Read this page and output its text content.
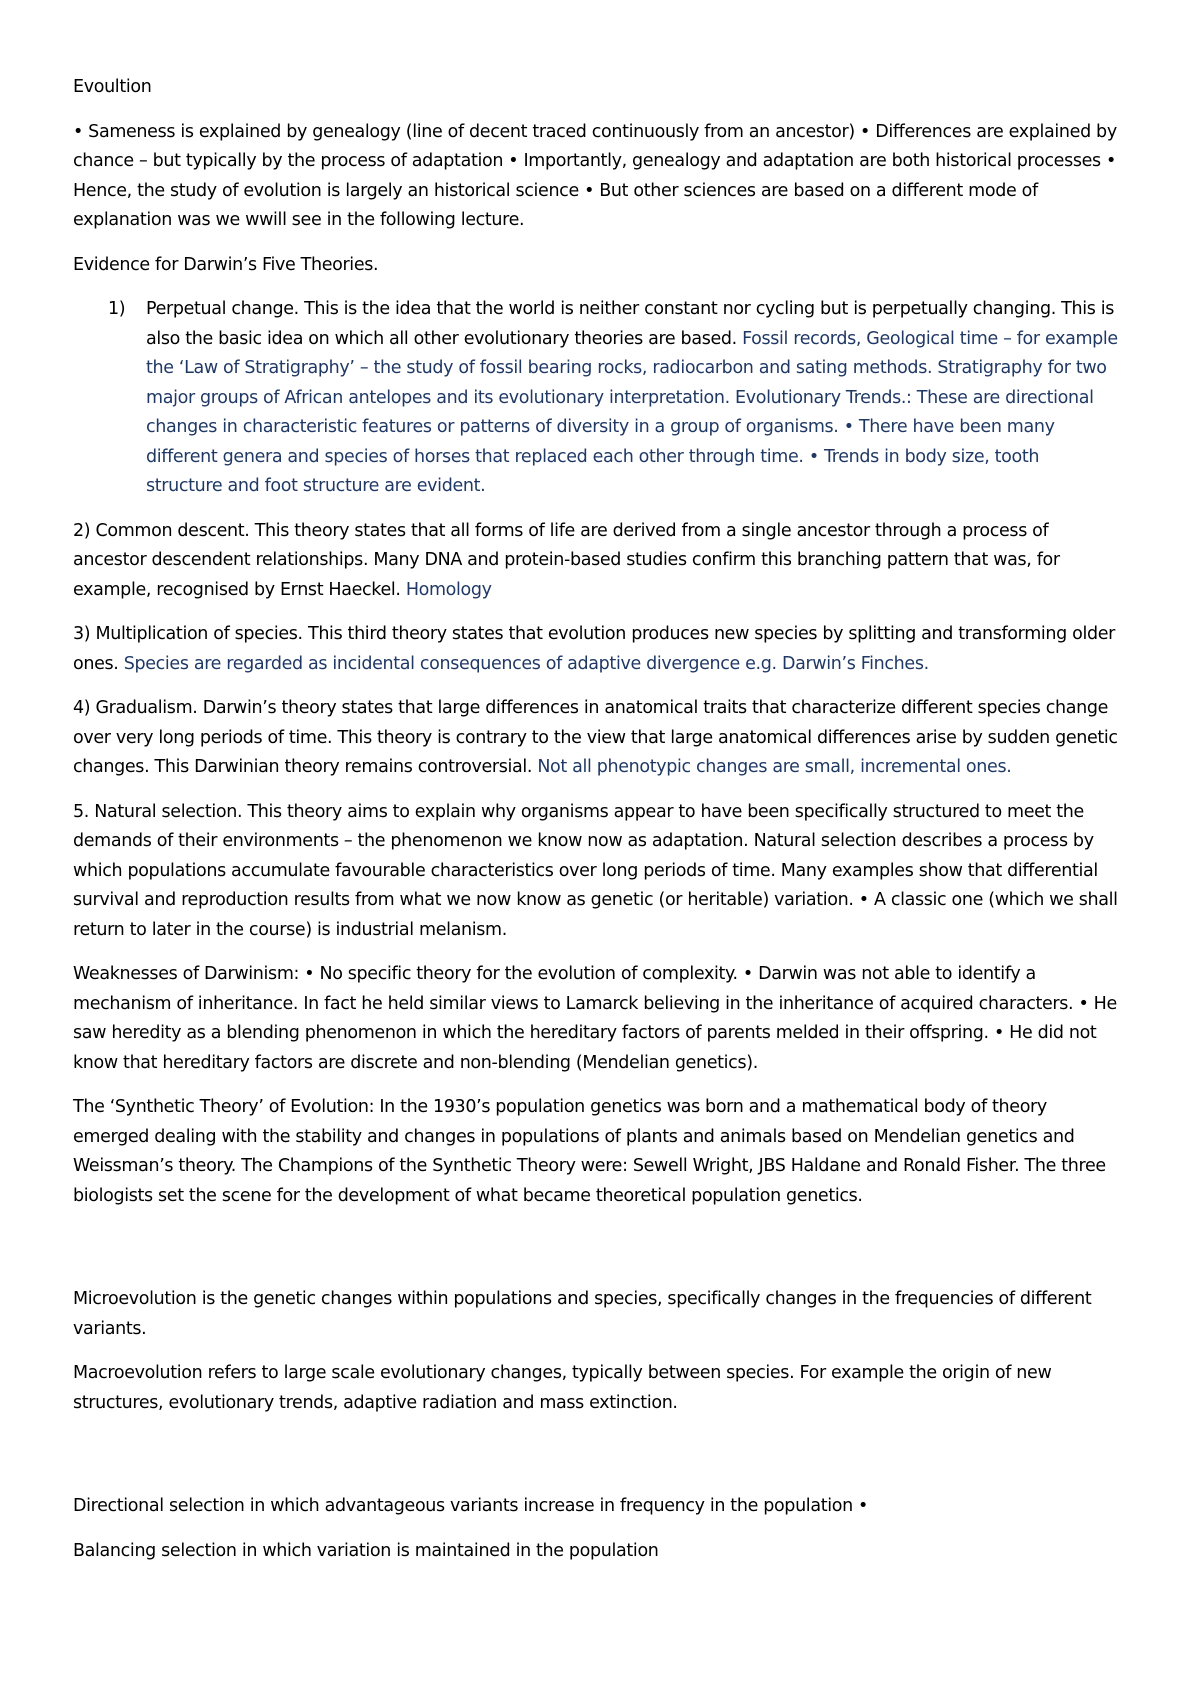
Evoultion

• Sameness is explained by genealogy (line of decent traced continuously from an ancestor) • Differences are explained by chance – but typically by the process of adaptation • Importantly, genealogy and adaptation are both historical processes • Hence, the study of evolution is largely an historical science • But other sciences are based on a different mode of explanation was we wwill see in the following lecture.

Evidence for Darwin’s Five Theories.

1)	Perpetual change. This is the idea that the world is neither constant nor cycling but is perpetually changing. This is also the basic idea on which all other evolutionary theories are based. Fossil records, Geological time – for example the ‘Law of Stratigraphy’ – the study of fossil bearing rocks, radiocarbon and sating methods. Stratigraphy for two major groups of African antelopes and its evolutionary interpretation. Evolutionary Trends.: These are directional changes in characteristic features or patterns of diversity in a group of organisms. • There have been many different genera and species of horses that replaced each other through time. • Trends in body size, tooth structure and foot structure are evident.

2) Common descent. This theory states that all forms of life are derived from a single ancestor through a process of ancestor descendent relationships. Many DNA and protein-based studies confirm this branching pattern that was, for example, recognised by Ernst Haeckel. Homology

3) Multiplication of species. This third theory states that evolution produces new species by splitting and transforming older ones. Species are regarded as incidental consequences of adaptive divergence e.g. Darwin’s Finches.

4) Gradualism. Darwin’s theory states that large differences in anatomical traits that characterize different species change over very long periods of time. This theory is contrary to the view that large anatomical differences arise by sudden genetic changes. This Darwinian theory remains controversial. Not all phenotypic changes are small, incremental ones.

5. Natural selection. This theory aims to explain why organisms appear to have been specifically structured to meet the demands of their environments – the phenomenon we know now as adaptation. Natural selection describes a process by which populations accumulate favourable characteristics over long periods of time. Many examples show that differential survival and reproduction results from what we now know as genetic (or heritable) variation. • A classic one (which we shall return to later in the course) is industrial melanism.

Weaknesses of Darwinism: • No specific theory for the evolution of complexity. • Darwin was not able to identify a mechanism of inheritance. In fact he held similar views to Lamarck believing in the inheritance of acquired characters. • He saw heredity as a blending phenomenon in which the hereditary factors of parents melded in their offspring. • He did not know that hereditary factors are discrete and non-blending (Mendelian genetics).

The ‘Synthetic Theory’ of Evolution: In the 1930’s population genetics was born and a mathematical body of theory emerged dealing with the stability and changes in populations of plants and animals based on Mendelian genetics and Weissman’s theory. The Champions of the Synthetic Theory were: Sewell Wright, JBS Haldane and Ronald Fisher. The three biologists set the scene for the development of what became theoretical population genetics.

Microevolution is the genetic changes within populations and species, specifically changes in the frequencies of different variants.

Macroevolution refers to large scale evolutionary changes, typically between species. For example the origin of new structures, evolutionary trends, adaptive radiation and mass extinction.

Directional selection in which advantageous variants increase in frequency in the population •

Balancing selection in which variation is maintained in the population
